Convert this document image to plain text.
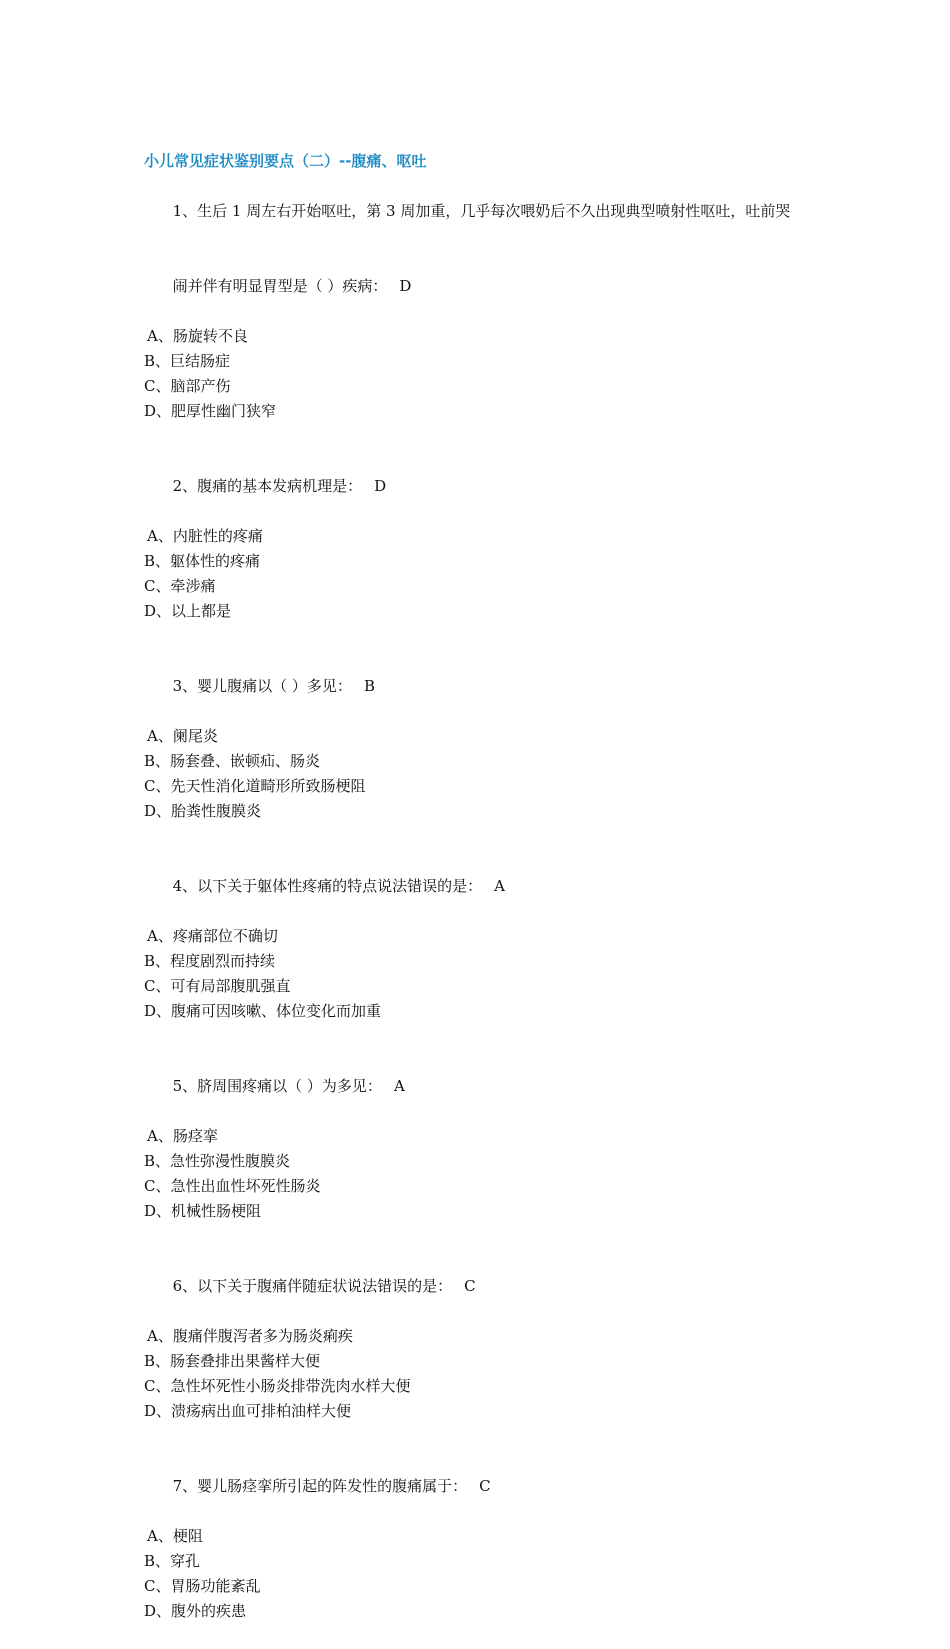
小儿常见症状鉴别要点（二）--腹痛、呕吐

1、生后 1 周左右开始呕吐，第 3 周加重，几乎每次喂奶后不久出现典型喷射性呕吐，吐前哭

闹并伴有明显胃型是（ ）疾病： D

A、肠旋转不良
B、巨结肠症
C、脑部产伤
D、肥厚性幽门狭窄

2、腹痛的基本发病机理是： D

A、内脏性的疼痛
B、躯体性的疼痛
C、牵涉痛
D、以上都是

3、婴儿腹痛以（ ）多见： B

A、阑尾炎
B、肠套叠、嵌顿疝、肠炎
C、先天性消化道畸形所致肠梗阻
D、胎粪性腹膜炎

4、以下关于躯体性疼痛的特点说法错误的是： A

A、疼痛部位不确切
B、程度剧烈而持续
C、可有局部腹肌强直
D、腹痛可因咳嗽、体位变化而加重

5、脐周围疼痛以（ ）为多见： A

A、肠痉挛
B、急性弥漫性腹膜炎
C、急性出血性坏死性肠炎
D、机械性肠梗阻

6、以下关于腹痛伴随症状说法错误的是： C

A、腹痛伴腹泻者多为肠炎痢疾
B、肠套叠排出果酱样大便
C、急性坏死性小肠炎排带洗肉水样大便
D、溃疡病出血可排柏油样大便

7、婴儿肠痉挛所引起的阵发性的腹痛属于： C

A、梗阻
B、穿孔
C、胃肠功能紊乱
D、腹外的疾患
